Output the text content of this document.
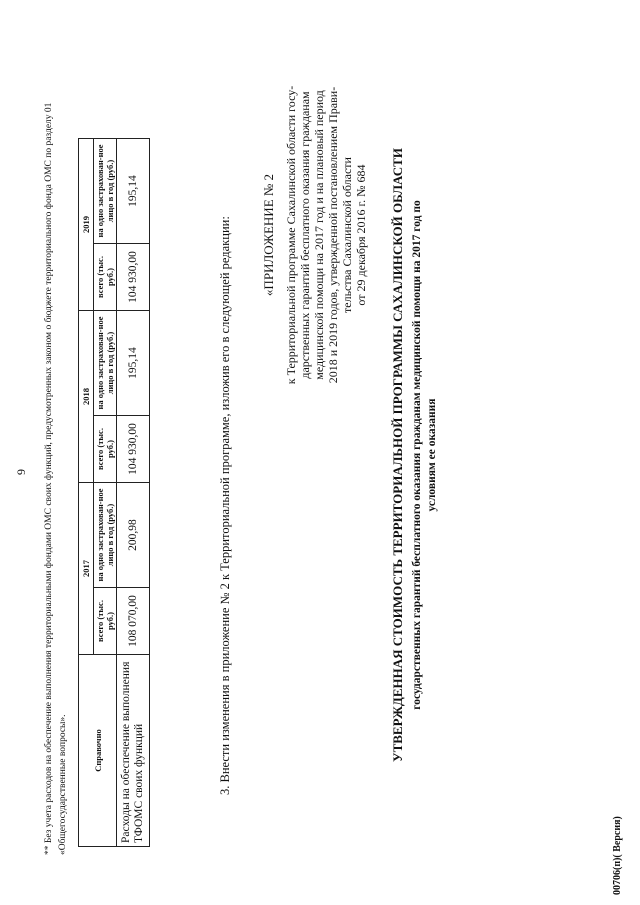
9 ** Без учета расходов на обеспечение выполнения территориальными фондами ОМС своих функций, предусмотренных законом о бюджете территориального фонда ОМС по разделу 01 «Общегосударственные вопросы».	Справочно	2017		2018		2019	
	всего (тыс. руб.)	на одно застрахован-ное лицо в год (руб.)	всего (тыс. руб.)	на одно застрахован-ное лицо в год (руб.)	всего (тыс. руб.)	на одно застрахован-ное лицо в год (руб.)
Расходы на обеспечение выполнения ТФОМС своих функций	108 070,00	200,98	104 930,00	195,14	104 930,00	195,14
3. Внести изменения в приложение № 2 к Территориальной программе, изложив его в следующей редакции: «ПРИЛОЖЕНИЕ № 2 к Территориальной программе Сахалинской области госу-дарственных гарантий бесплатного оказания гражданам медицинской помощи на 2017 год и на плановый период 2018 и 2019 годов, утвержденной постановлением Прави-тельства Сахалинской области от 29 декабря 2016 г. № 684 УТВЕРЖДЕННАЯ СТОИМОСТЬ ТЕРРИТОРИАЛЬНОЙ ПРОГРАММЫ САХАЛИНСКОЙ ОБЛАСТИ государственных гарантий бесплатного оказания гражданам медицинской помощи на 2017 год по условиям ее оказания
00706(п)( Версия)
